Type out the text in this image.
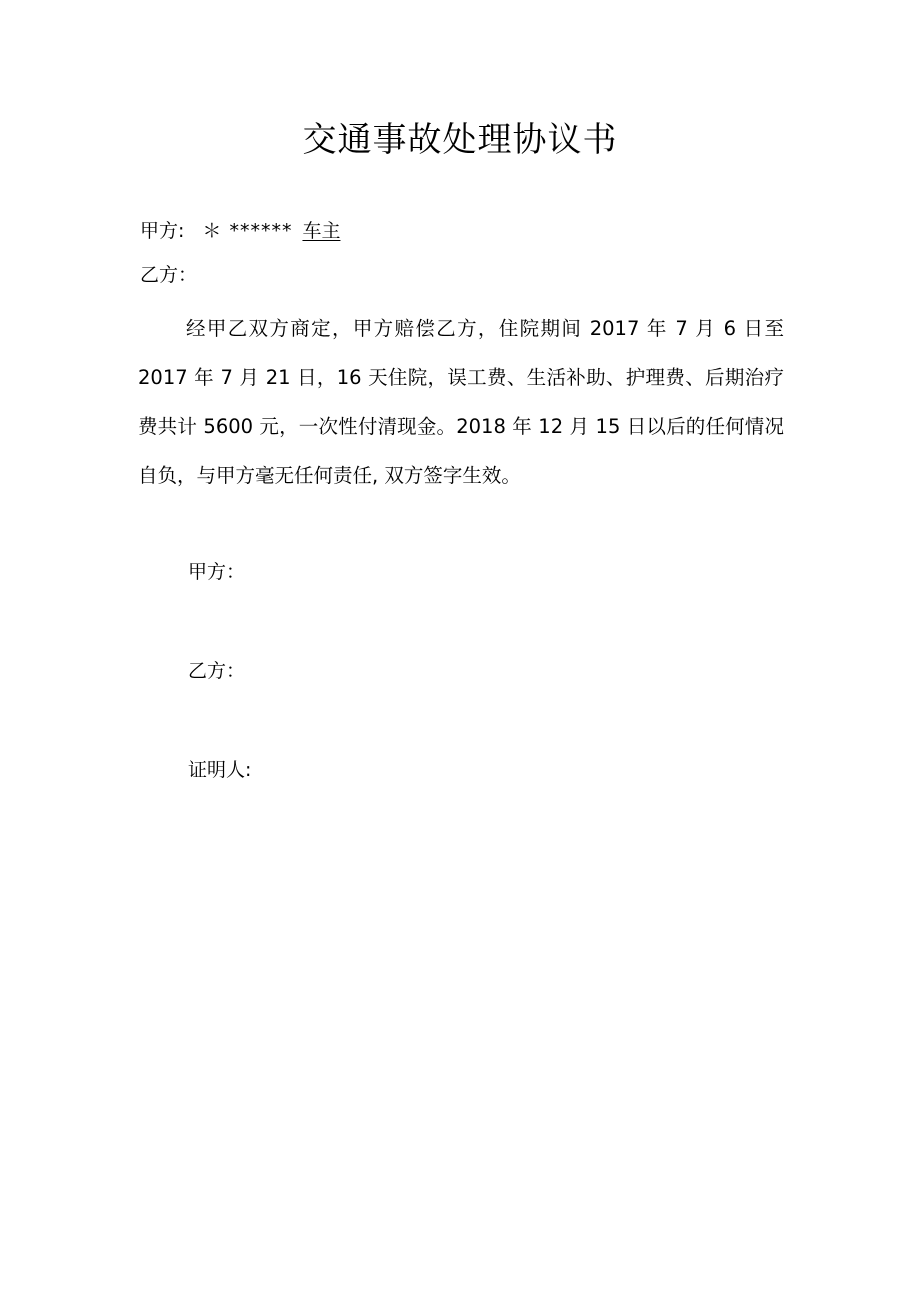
交通事故处理协议书
甲方: ＊ ****** 车主
乙方：

经甲乙双方商定，甲方赔偿乙方，住院期间 2017 年 7 月 6 日至 2017 年 7 月 21 日，16 天住院，误工费、生活补助、护理费、后期治疗费共计 5600 元，一次性付清现金。2018 年 12 月 15 日以后的任何情况自负，与甲方毫无任何责任, 双方签字生效。

甲方：
乙方：
证明人:
